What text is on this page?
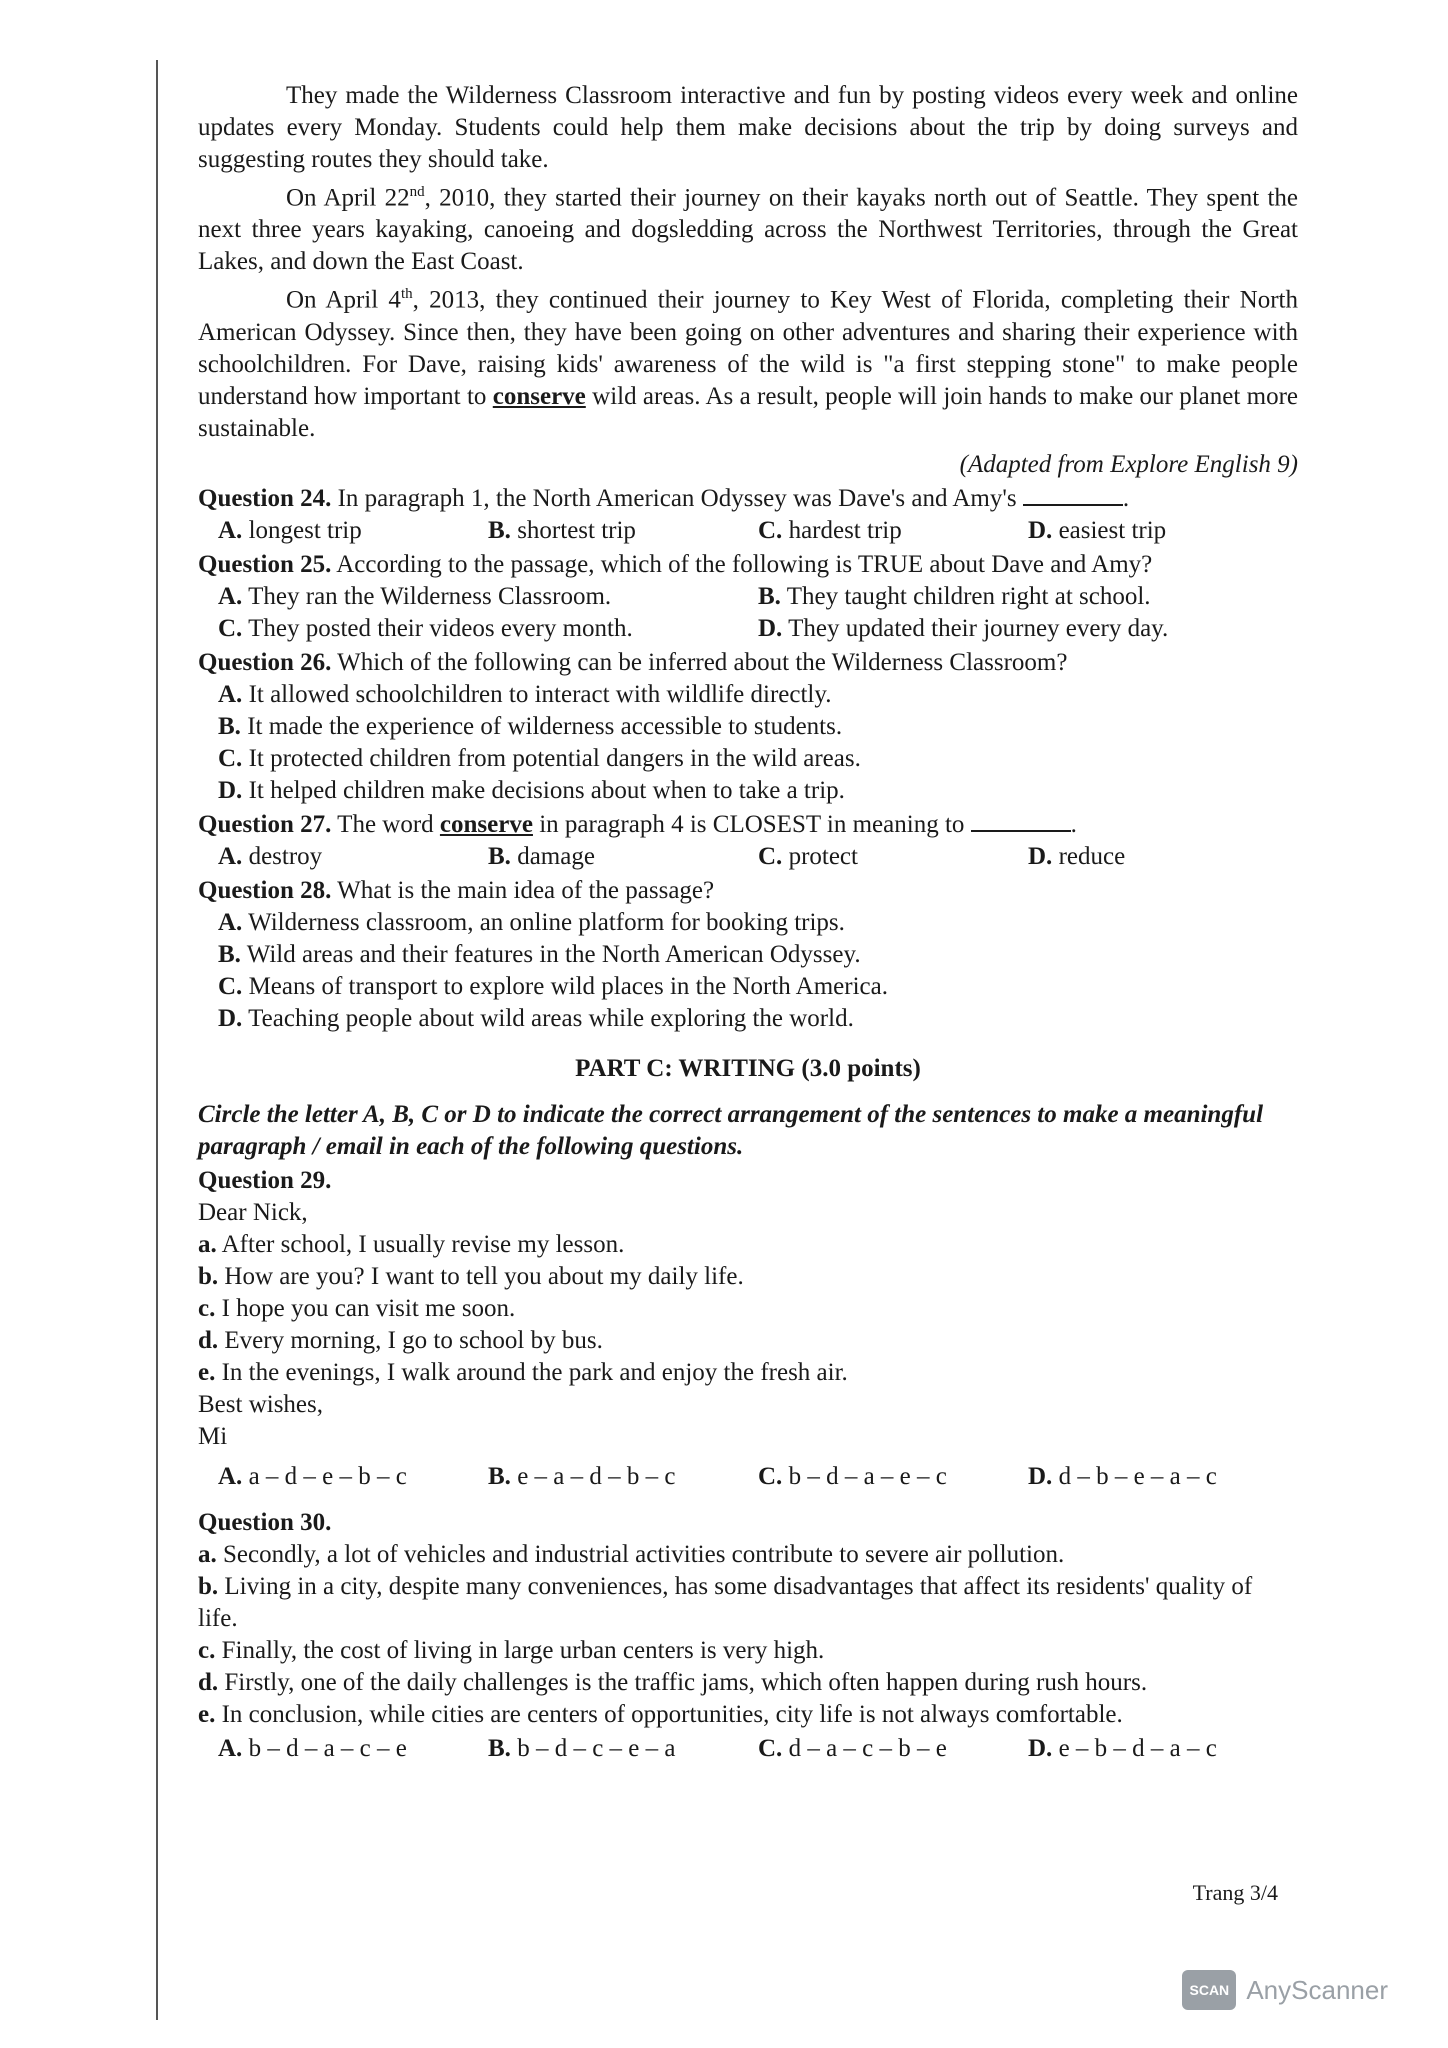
They made the Wilderness Classroom interactive and fun by posting videos every week and online updates every Monday. Students could help them make decisions about the trip by doing surveys and suggesting routes they should take.

On April 22nd, 2010, they started their journey on their kayaks north out of Seattle. They spent the next three years kayaking, canoeing and dogsledding across the Northwest Territories, through the Great Lakes, and down the East Coast.

On April 4th, 2013, they continued their journey to Key West of Florida, completing their North American Odyssey. Since then, they have been going on other adventures and sharing their experience with schoolchildren. For Dave, raising kids' awareness of the wild is "a first stepping stone" to make people understand how important to conserve wild areas. As a result, people will join hands to make our planet more sustainable.

(Adapted from Explore English 9)

Question 24. In paragraph 1, the North American Odyssey was Dave's and Amy's	.

A. longest trip	B. shortest trip	C. hardest trip	D. easiest trip

Question 25. According to the passage, which of the following is TRUE about Dave and Amy?

A. They ran the Wilderness Classroom.	B. They taught children right at school.
C. They posted their videos every month.	D. They updated their journey every day.

Question 26. Which of the following can be inferred about the Wilderness Classroom?

A. It allowed schoolchildren to interact with wildlife directly.

B. It made the experience of wilderness accessible to students.

C. It protected children from potential dangers in the wild areas.

D. It helped children make decisions about when to take a trip.

Question 27. The word conserve in paragraph 4 is CLOSEST in meaning to	.

A. destroy	B. damage	C. protect	D. reduce

Question 28. What is the main idea of the passage?

A. Wilderness classroom, an online platform for booking trips.

B. Wild areas and their features in the North American Odyssey.

C. Means of transport to explore wild places in the North America.

D. Teaching people about wild areas while exploring the world.

PART C: WRITING (3.0 points)

Circle the letter A, B, C or D to indicate the correct arrangement of the sentences to make a meaningful paragraph / email in each of the following questions.

Question 29.

Dear Nick,

a. After school, I usually revise my lesson.

b. How are you? I want to tell you about my daily life.

c. I hope you can visit me soon.

d. Every morning, I go to school by bus.

e. In the evenings, I walk around the park and enjoy the fresh air.

Best wishes,

Mi

A. a – d – e – b – c	B. e – a – d – b – c	C. b – d – a – e – c	D. d – b – e – a – c

Question 30.

a. Secondly, a lot of vehicles and industrial activities contribute to severe air pollution.

b. Living in a city, despite many conveniences, has some disadvantages that affect its residents' quality of life.

c. Finally, the cost of living in large urban centers is very high.

d. Firstly, one of the daily challenges is the traffic jams, which often happen during rush hours.

e. In conclusion, while cities are centers of opportunities, city life is not always comfortable.

A. b – d – a – c – e	B. b – d – c – e – a	C. d – a – c – b – e	D. e – b – d – a – c
Trang 3/4
SCAN AnyScanner
